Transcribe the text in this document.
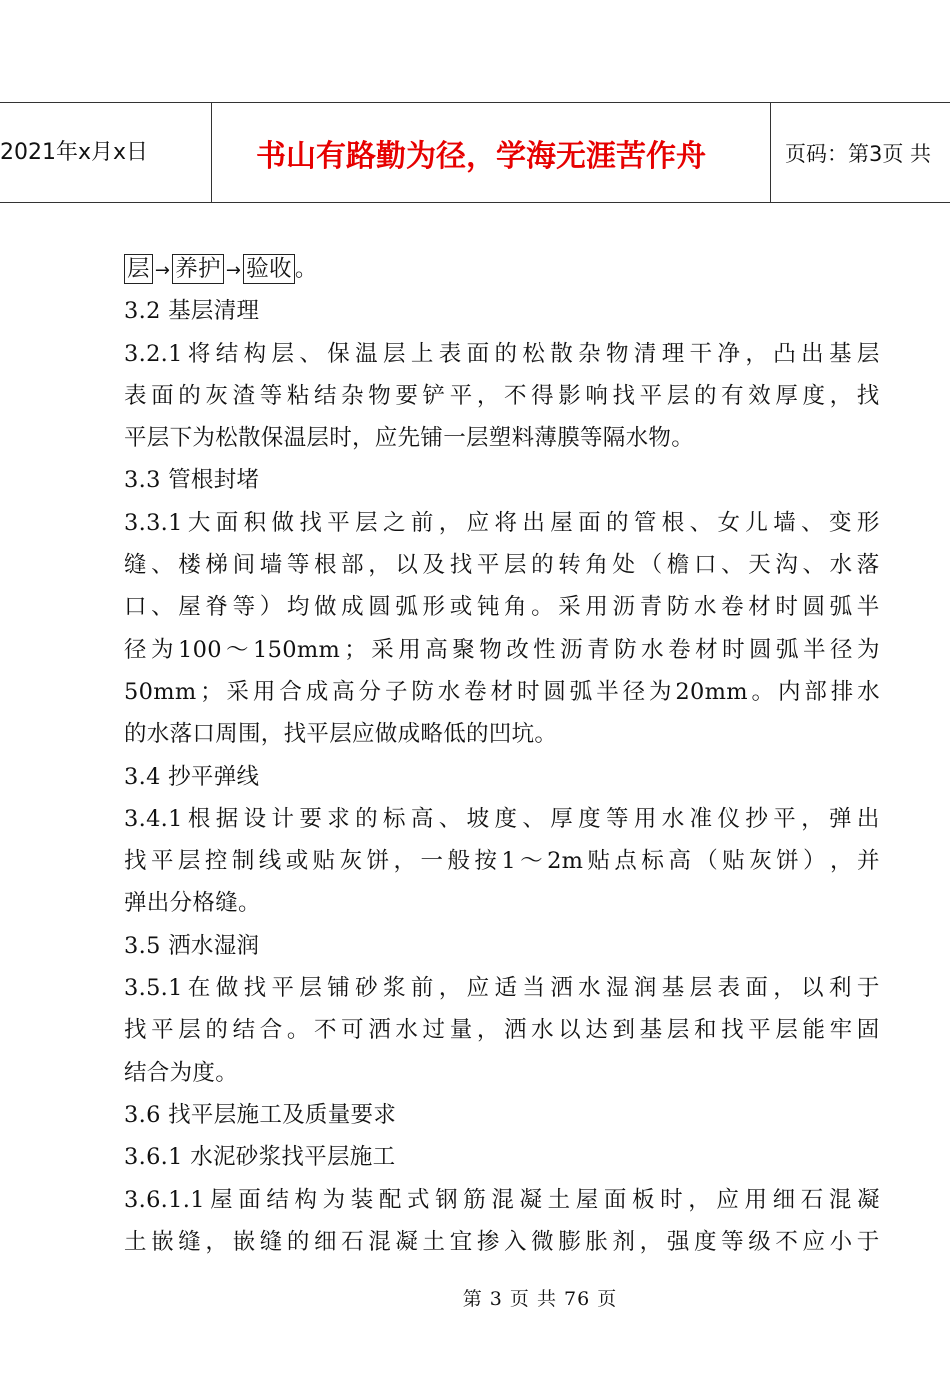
2021年x月x日	书山有路勤为径，学海无涯苦作舟	页码：第3页 共
层 → 养护 → 验收 。
3.2 基层清理
3.2.1 将 结 构 层 、 保 温 层 上 表 面 的 松 散 杂 物 清 理 干 净 ， 凸 出 基 层
表 面 的 灰 渣 等 粘 结 杂 物 要 铲 平 ， 不 得 影 响 找 平 层 的 有 效 厚 度 ， 找
平层下为松散保温层时，应先铺一层塑料薄膜等隔水物。
3.3 管根封堵
3.3.1 大 面 积 做 找 平 层 之 前 ， 应 将 出 屋 面 的 管 根 、 女 儿 墙 、 变 形
缝 、 楼 梯 间 墙 等 根 部 ， 以 及 找 平 层 的 转 角 处 （ 檐 口 、 天 沟 、 水 落
口 、 屋 脊 等 ） 均 做 成 圆 弧 形 或 钝 角 。 采 用 沥 青 防 水 卷 材 时 圆 弧 半
径 为 100 ～ 150mm ； 采 用 高 聚 物 改 性 沥 青 防 水 卷 材 时 圆 弧 半 径 为
50mm ； 采 用 合 成 高 分 子 防 水 卷 材 时 圆 弧 半 径 为 20mm 。 内 部 排 水
的水落口周围，找平层应做成略低的凹坑。
3.4 抄平弹线
3.4.1 根 据 设 计 要 求 的 标 高 、 坡 度 、 厚 度 等 用 水 准 仪 抄 平 ， 弹 出
找 平 层 控 制 线 或 贴 灰 饼 ， 一 般 按 1 ～ 2m 贴 点 标 高 （ 贴 灰 饼 ） ， 并
弹出分格缝。
3.5 洒水湿润
3.5.1 在 做 找 平 层 铺 砂 浆 前 ， 应 适 当 洒 水 湿 润 基 层 表 面 ， 以 利 于
找 平 层 的 结 合 。 不 可 洒 水 过 量 ， 洒 水 以 达 到 基 层 和 找 平 层 能 牢 固
结合为度。
3.6 找平层施工及质量要求
3.6.1 水泥砂浆找平层施工
3.6.1.1 屋 面 结 构 为 装 配 式 钢 筋 混 凝 土 屋 面 板 时 ， 应 用 细 石 混 凝
土 嵌 缝 ， 嵌 缝 的 细 石 混 凝 土 宜 掺 入 微 膨 胀 剂 ， 强 度 等 级 不 应 小 于
第 3 页 共 76 页
